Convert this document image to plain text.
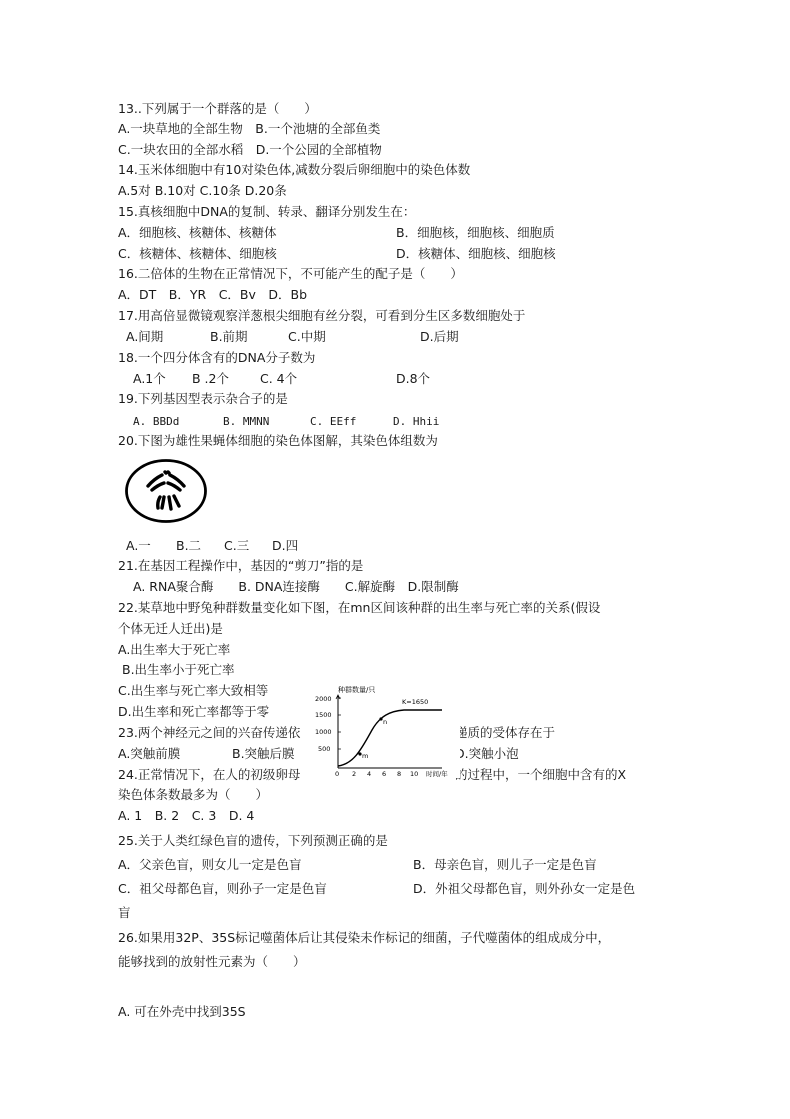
13..下列属于一个群落的是（　　）
A.一块草地的全部生物　B.一个池塘的全部鱼类
C.一块农田的全部水稻　D.一个公园的全部植物
14.玉米体细胞中有10对染色体,减数分裂后卵细胞中的染色体数
A.5对 B.10对 C.10条 D.20条
15.真核细胞中DNA的复制、转录、翻译分别发生在：
A．细胞核、核糖体、核糖体	B．细胞核，细胞核、细胞质
C．核糖体、核糖体、细胞核	D．核糖体、细胞核、细胞核
16.二倍体的生物在正常情况下，不可能产生的配子是（　　）
A．DT　B．YR　C．Bv　D．Bb
17.用高倍显微镜观察洋葱根尖细胞有丝分裂，可看到分生区多数细胞处于
A.间期	B.前期	C.中期	D.后期
18.一个四分体含有的DNA分子数为
A.1个 B .2个 C. 4个	D.8个
19.下列基因型表示杂合子的是
A. BBDd	B. MMNN	C. EEff	D. Hhii
20.下图为雄性果蝇体细胞的染色体图解，其染色体组数为
A.一 B.二 C.三 D.四
21.在基因工程操作中，基因的“剪刀”指的是
A. RNA聚合酶　　B. DNA连接酶　　C.解旋酶　D.限制酶
22.某草地中野兔种群数量变化如下图，在mn区间该种群的出生率与死亡率的关系(假设
个体无迁人迁出)是
A.出生率大于死亡率
B.出生率小于死亡率
C.出生率与死亡率大致相等
D.出生率和死亡率都等于零
23.两个神经元之间的兴奋传递依	递质的受体存在于
A.突触前膜	B.突触后膜	D.突触小泡
24.正常情况下，在人的初级卵母	的过程中，一个细胞中含有的X
染色体条数最多为（　　）
A. 1　B. 2　C. 3　D. 4
种群数量/只
500
1000
1500
2000
0 2 4 6 8 10 时间/年
K=1650
m
n
25.关于人类红绿色盲的遗传，下列预测正确的是
A．父亲色盲，则女儿一定是色盲	B．母亲色盲，则儿子一定是色盲
C．祖父母都色盲，则孙子一定是色盲	D．外祖父母都色盲，则外孙女一定是色
盲
26.如果用32P、35S标记噬菌体后让其侵染未作标记的细菌，子代噬菌体的组成成分中，
能够找到的放射性元素为（　　）
A. 可在外壳中找到35S
